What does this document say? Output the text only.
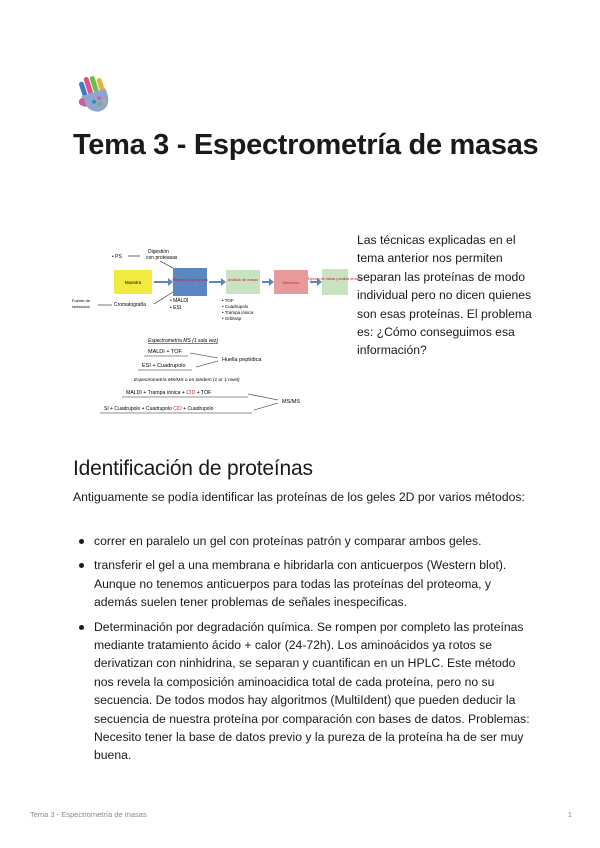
Tema 3 - Espectrometría de masas
• PS
Digestión
con proteasas
Muestra	Separación proteínas	Análisis de masas
Detección
Espectro de masas y análisis de datos
Fuente de
ionización	Cromatografía
• MALDI
• ESI
• TOF
• Cuadrupolo
• Trampa iónica
• Orbitrap
Espectrometría MS (1 sola vez)
MALDI + TOF
ESI + Cuadrupolo
Huella peptídica
Espectrometría MS/MS o en tándem (1 or 1 nivel)
MALDI + Trampa iónica + CID + TOF
SI + Cuadrupolo + Cuadrupolo CID + Cuadrupolo
MS/MS

Las técnicas explicadas en el tema anterior nos permiten separan las proteínas de modo individual pero no dicen quienes son esas proteínas. El problema es: ¿Cómo conseguimos esa información?

Identificación de proteínas

Antiguamente se podía identificar las proteínas de los geles 2D por varios métodos:

correr en paralelo un gel con proteínas patrón y comparar ambos geles.
transferir el gel a una membrana e hibridarla con anticuerpos (Western blot). Aunque no tenemos anticuerpos para todas las proteínas del proteoma, y además suelen tener problemas de señales inespecificas.
Determinación por degradación química. Se rompen por completo las proteínas mediante tratamiento ácido + calor (24-72h). Los aminoácidos ya rotos se derivatizan con ninhidrina, se separan y cuantifican en un HPLC. Este método nos revela la composición aminoacidica total de cada proteína, pero no su secuencia. De todos modos hay algoritmos (MultiIdent) que pueden deducir la secuencia de nuestra proteína por comparación con bases de datos. Problemas: Necesito tener la base de datos previo y la pureza de la proteína ha de ser muy buena.
Tema 3 - Espectrometría de masas	1
